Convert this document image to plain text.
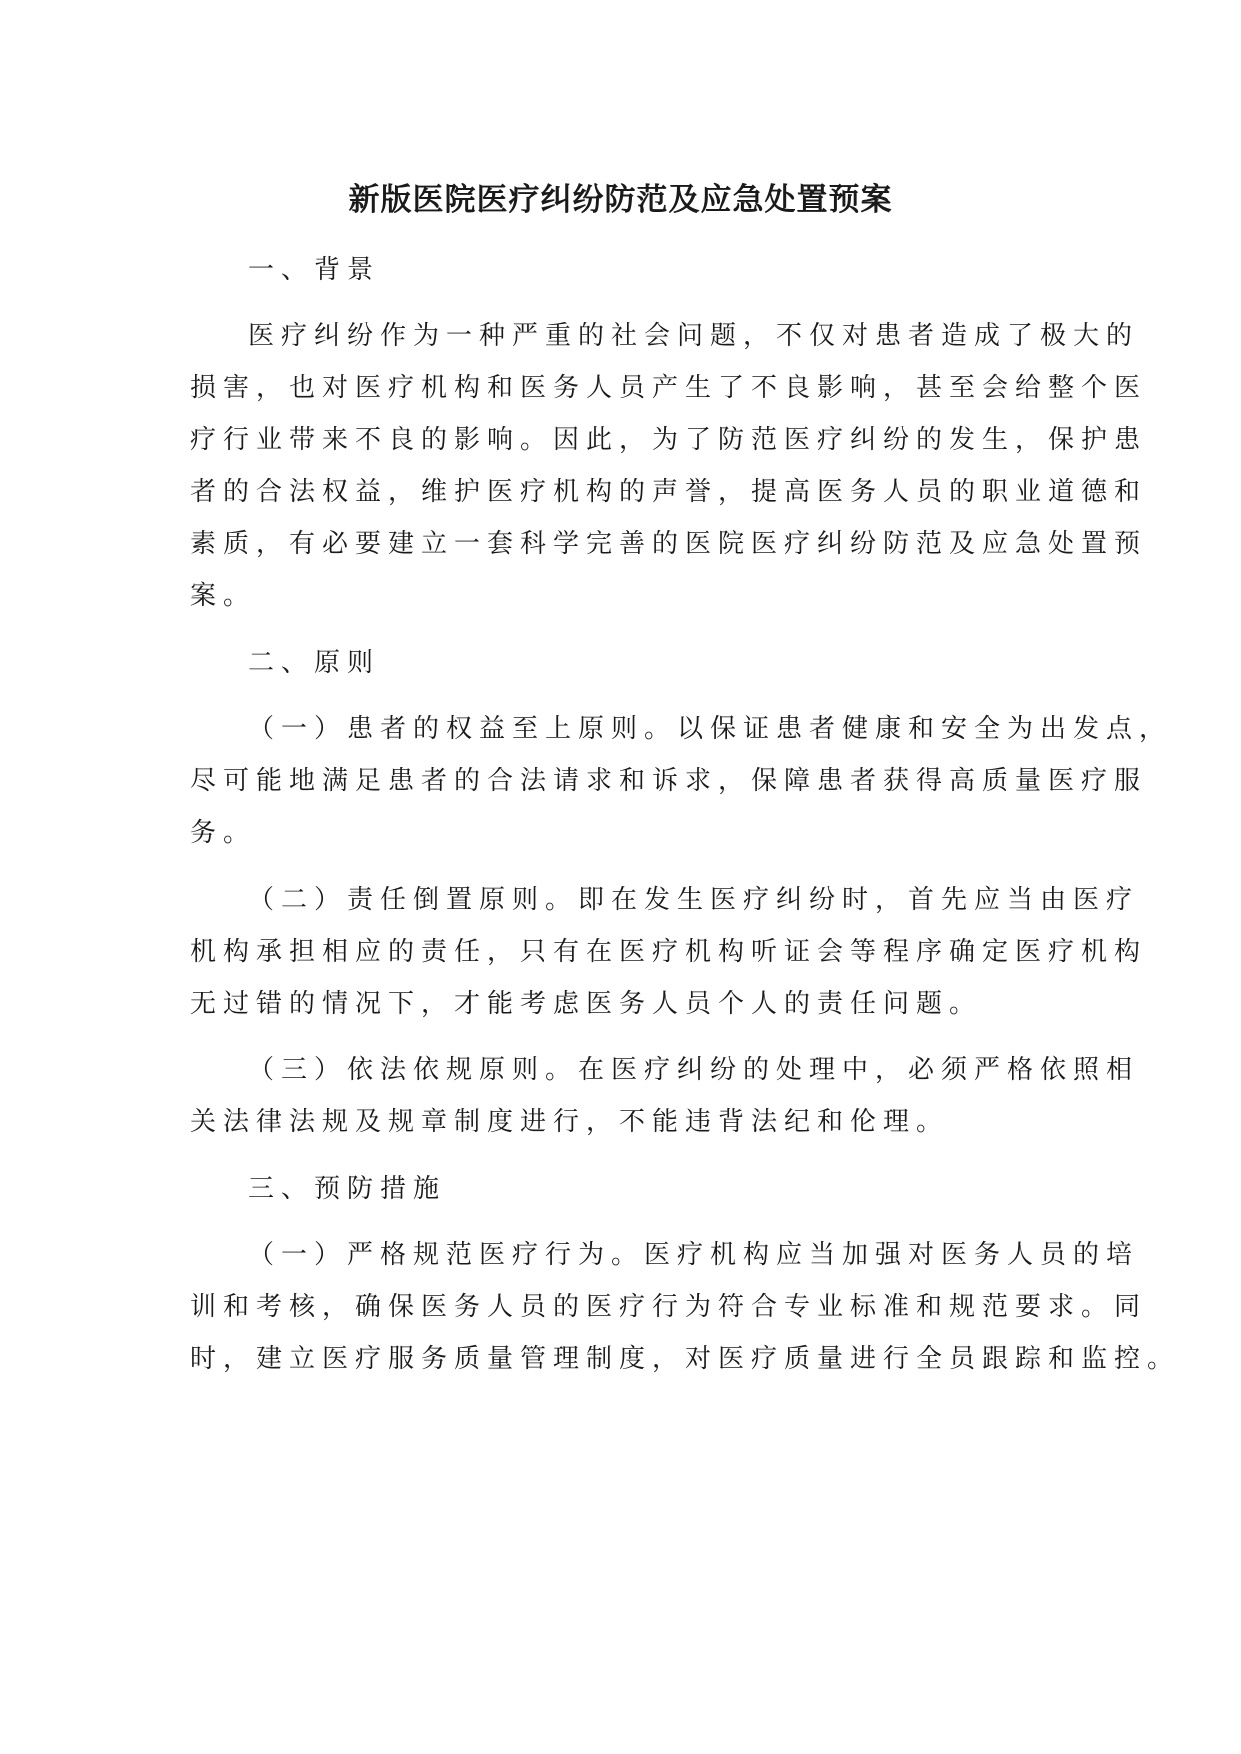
新版医院医疗纠纷防范及应急处置预案

一、背景

医疗纠纷作为一种严重的社会问题，不仅对患者造成了极大的

损害，也对医疗机构和医务人员产生了不良影响，甚至会给整个医

疗行业带来不良的影响。因此，为了防范医疗纠纷的发生，保护患

者的合法权益，维护医疗机构的声誉，提高医务人员的职业道德和

素质，有必要建立一套科学完善的医院医疗纠纷防范及应急处置预

案。

二、原则

（一）患者的权益至上原则。以保证患者健康和安全为出发点，

尽可能地满足患者的合法请求和诉求，保障患者获得高质量医疗服

务。

（二）责任倒置原则。即在发生医疗纠纷时，首先应当由医疗

机构承担相应的责任，只有在医疗机构听证会等程序确定医疗机构

无过错的情况下，才能考虑医务人员个人的责任问题。

（三）依法依规原则。在医疗纠纷的处理中，必须严格依照相

关法律法规及规章制度进行，不能违背法纪和伦理。

三、预防措施

（一）严格规范医疗行为。医疗机构应当加强对医务人员的培

训和考核，确保医务人员的医疗行为符合专业标准和规范要求。同

时，建立医疗服务质量管理制度，对医疗质量进行全员跟踪和监控。
